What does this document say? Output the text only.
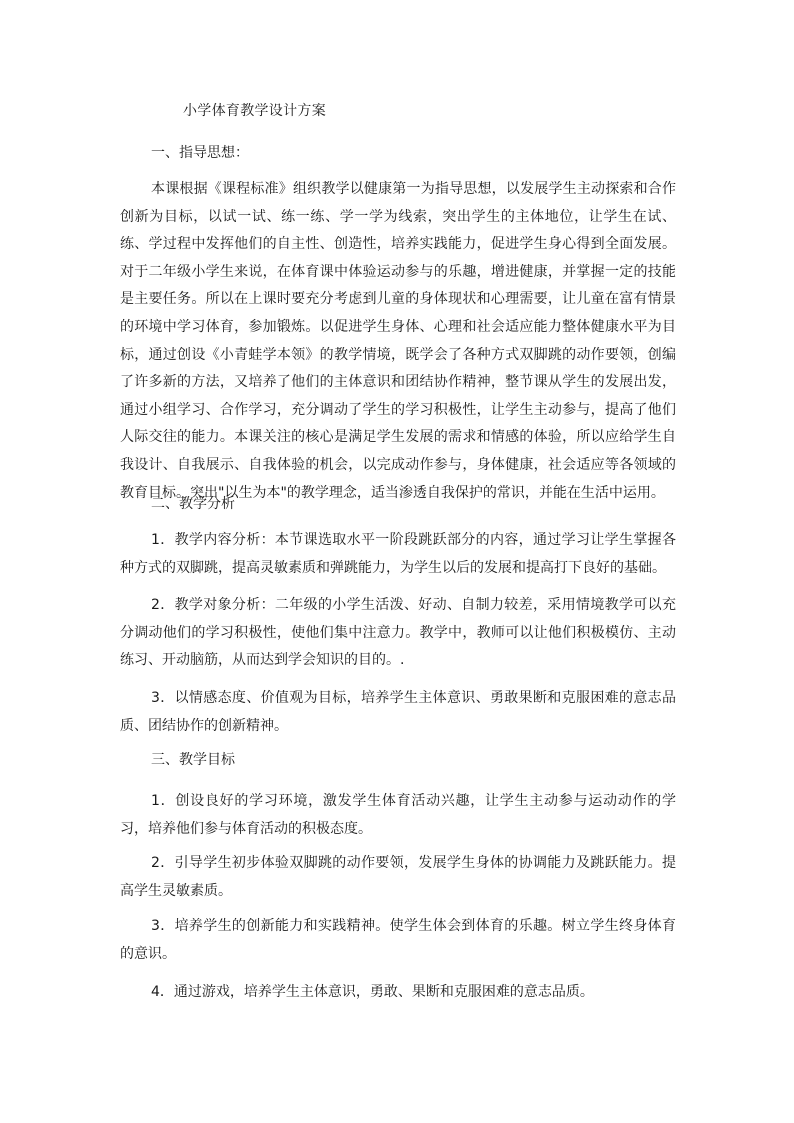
小学体育教学设计方案
一、指导思想：

本课根据《课程标准》组织教学以健康第一为指导思想，以发展学生主动探索和合作创新为目标，以试一试、练一练、学一学为线索，突出学生的主体地位，让学生在试、练、学过程中发挥他们的自主性、创造性，培养实践能力，促进学生身心得到全面发展。对于二年级小学生来说，在体育课中体验运动参与的乐趣，增进健康，并掌握一定的技能是主要任务。所以在上课时要充分考虑到儿童的身体现状和心理需要，让儿童在富有情景的环境中学习体育，参加锻炼。以促进学生身体、心理和社会适应能力整体健康水平为目标，通过创设《小青蛙学本领》的教学情境，既学会了各种方式双脚跳的动作要领，创编了许多新的方法，又培养了他们的主体意识和团结协作精神，整节课从学生的发展出发，通过小组学习、合作学习，充分调动了学生的学习积极性，让学生主动参与，提高了他们人际交往的能力。本课关注的核心是满足学生发展的需求和情感的体验，所以应给学生自我设计、自我展示、自我体验的机会，以完成动作参与，身体健康，社会适应等各领域的教育目标。突出"以生为本"的教学理念，适当渗透自我保护的常识，并能在生活中运用。

二、教学分析

1．教学内容分析：本节课选取水平一阶段跳跃部分的内容，通过学习让学生掌握各种方式的双脚跳，提高灵敏素质和弹跳能力，为学生以后的发展和提高打下良好的基础。

2．教学对象分析：二年级的小学生活泼、好动、自制力较差，采用情境教学可以充分调动他们的学习积极性，使他们集中注意力。教学中，教师可以让他们积极模仿、主动练习、开动脑筋，从而达到学会知识的目的。.

3．以情感态度、价值观为目标，培养学生主体意识、勇敢果断和克服困难的意志品质、团结协作的创新精神。

三、教学目标

1．创设良好的学习环境，激发学生体育活动兴趣，让学生主动参与运动动作的学习，培养他们参与体育活动的积极态度。

2．引导学生初步体验双脚跳的动作要领，发展学生身体的协调能力及跳跃能力。提高学生灵敏素质。

3．培养学生的创新能力和实践精神。使学生体会到体育的乐趣。树立学生终身体育的意识。

4．通过游戏，培养学生主体意识，勇敢、果断和克服困难的意志品质。
